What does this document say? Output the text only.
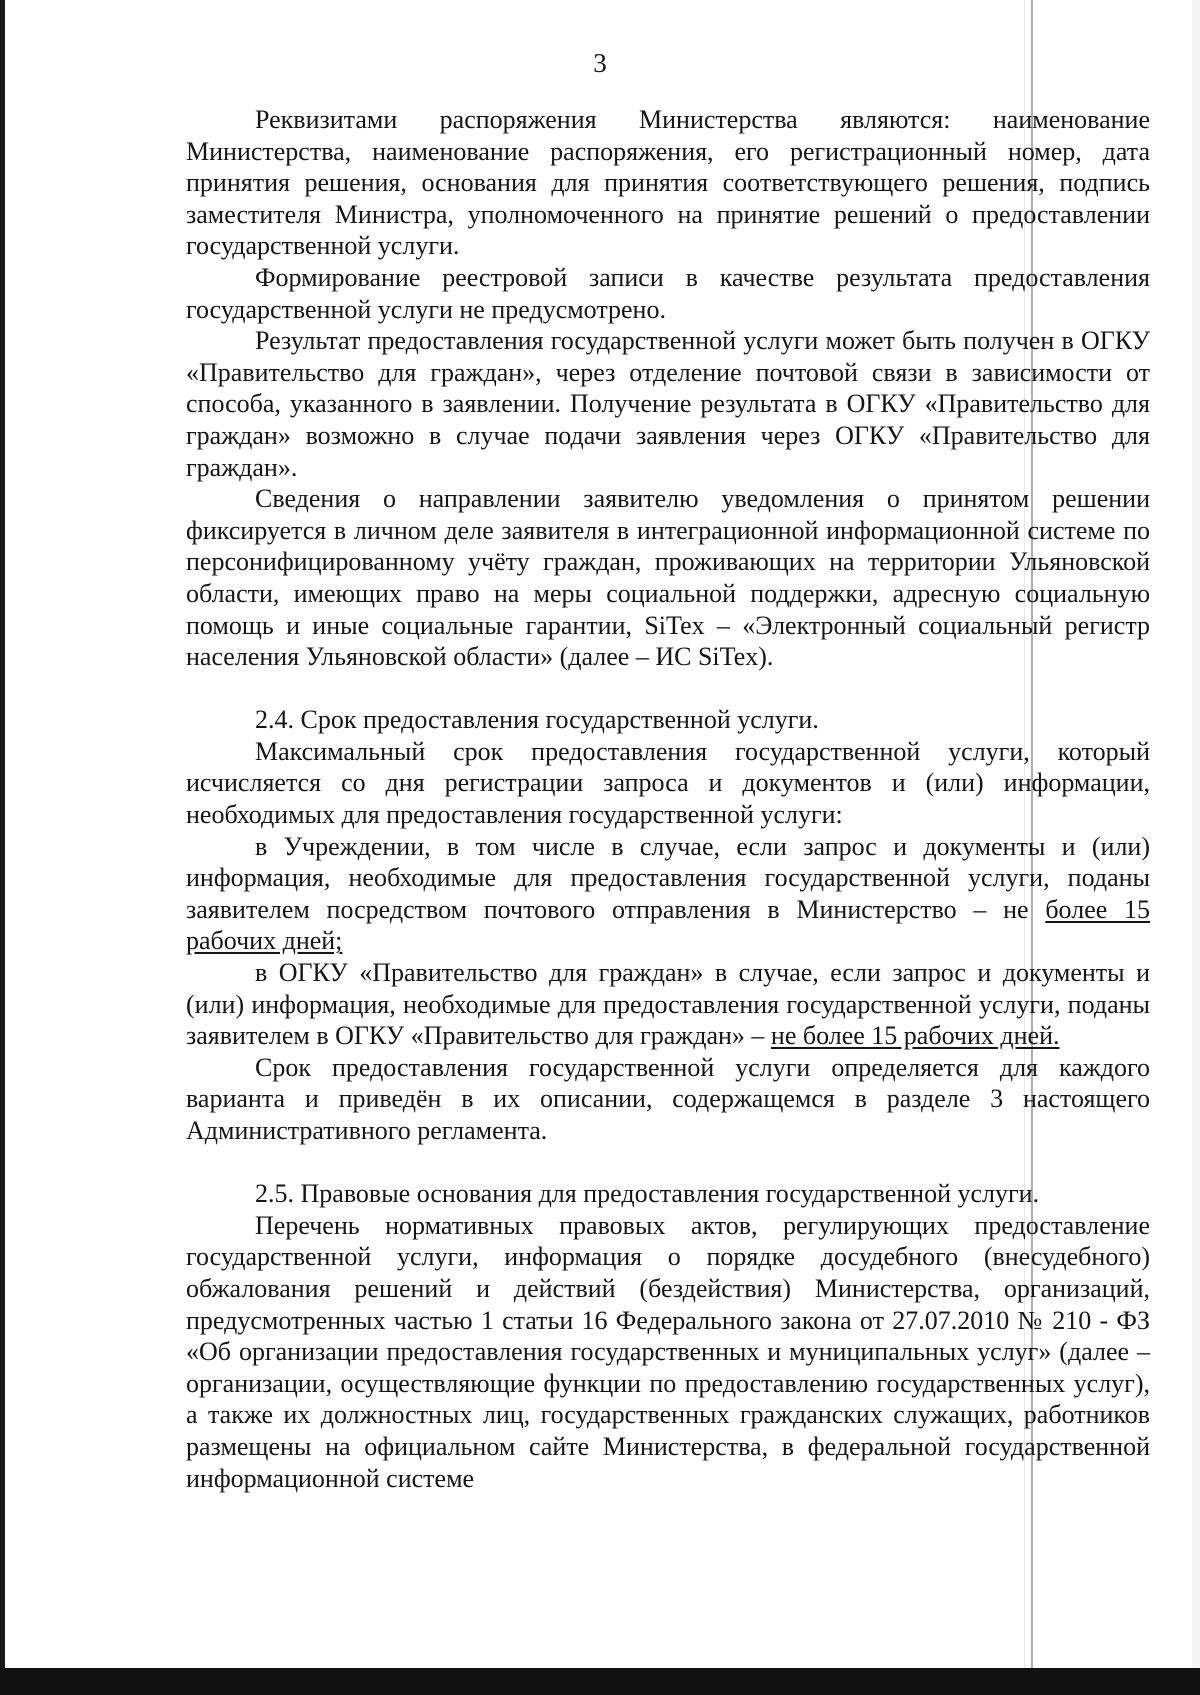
3

Реквизитами распоряжения Министерства являются: наименование Министерства, наименование распоряжения, его регистрационный номер, дата принятия решения, основания для принятия соответствующего решения, подпись заместителя Министра, уполномоченного на принятие решений о предоставлении государственной услуги.

Формирование реестровой записи в качестве результата предоставления государственной услуги не предусмотрено.

Результат предоставления государственной услуги может быть получен в ОГКУ «Правительство для граждан», через отделение почтовой связи в зависимости от способа, указанного в заявлении. Получение результата в ОГКУ «Правительство для граждан» возможно в случае подачи заявления через ОГКУ «Правительство для граждан».

Сведения о направлении заявителю уведомления о принятом решении фиксируется в личном деле заявителя в интеграционной информационной системе по персонифицированному учёту граждан, проживающих на территории Ульяновской области, имеющих право на меры социальной поддержки, адресную социальную помощь и иные социальные гарантии, SiTex – «Электронный социальный регистр населения Ульяновской области» (далее – ИС SiTex).

2.4. Срок предоставления государственной услуги.

Максимальный срок предоставления государственной услуги, который исчисляется со дня регистрации запроса и документов и (или) информации, необходимых для предоставления государственной услуги:

в Учреждении, в том числе в случае, если запрос и документы и (или) информация, необходимые для предоставления государственной услуги, поданы заявителем посредством почтового отправления в Министерство – не более 15 рабочих дней;

в ОГКУ «Правительство для граждан» в случае, если запрос и документы и (или) информация, необходимые для предоставления государственной услуги, поданы заявителем в ОГКУ «Правительство для граждан» – не более 15 рабочих дней.

Срок предоставления государственной услуги определяется для каждого варианта и приведён в их описании, содержащемся в разделе 3 настоящего Административного регламента.

2.5. Правовые основания для предоставления государственной услуги.

Перечень нормативных правовых актов, регулирующих предоставление государственной услуги, информация о порядке досудебного (внесудебного) обжалования решений и действий (бездействия) Министерства, организаций, предусмотренных частью 1 статьи 16 Федерального закона от 27.07.2010 № 210 - ФЗ «Об организации предоставления государственных и муниципальных услуг» (далее – организации, осуществляющие функции по предоставлению государственных услуг), а также их должностных лиц, государственных гражданских служащих, работников размещены на официальном сайте Министерства, в федеральной государственной информационной системе
